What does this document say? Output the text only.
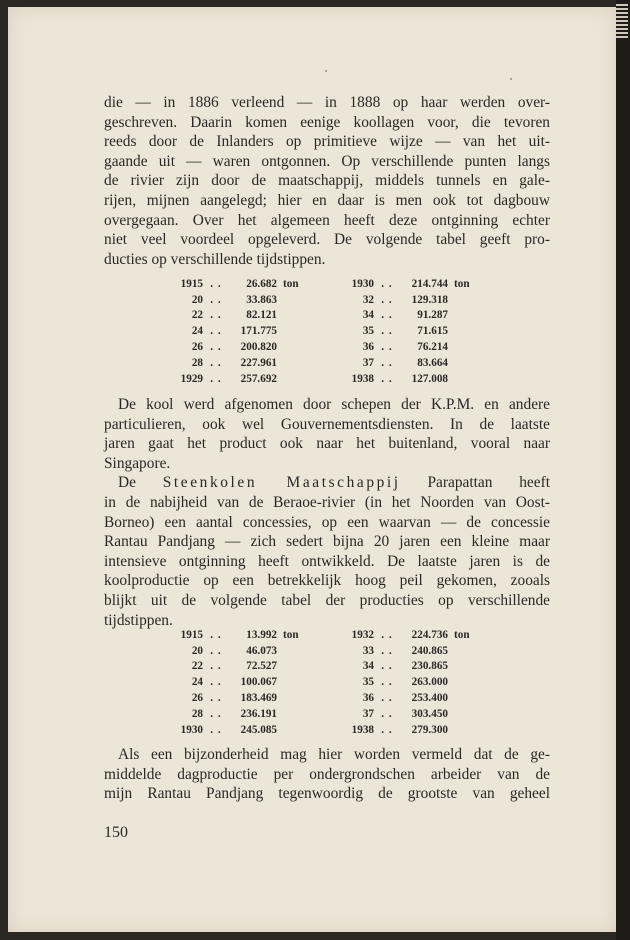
die — in 1886 verleend — in 1888 op haar werden over-

geschreven. Daarin komen eenige koollagen voor, die tevoren

reeds door de Inlanders op primitieve wijze — van het uit-

gaande uit — waren ontgonnen. Op verschillende punten langs

de rivier zijn door de maatschappij, middels tunnels en gale-

rijen, mijnen aangelegd; hier en daar is men ook tot dagbouw

overgegaan. Over het algemeen heeft deze ontginning echter

niet veel voordeel opgeleverd. De volgende tabel geeft pro-

ducties op verschillende tijdstippen.

1915	. .	26.682	ton		1930	. .	214.744	ton
20	. .	33.863			32	. .	129.318	
22	. .	82.121			34	. .	91.287	
24	. .	171.775			35	. .	71.615	
26	. .	200.820			36	. .	76.214	
28	. .	227.961			37	. .	83.664	
1929	. .	257.692			1938	. .	127.008	

De kool werd afgenomen door schepen der K.P.M. en andere

particulieren, ook wel Gouvernementsdiensten. In de laatste

jaren gaat het product ook naar het buitenland, vooral naar

Singapore.

De Steenkolen Maatschappij Parapattan heeft

in de nabijheid van de Beraoe-rivier (in het Noorden van Oost-

Borneo) een aantal concessies, op een waarvan — de concessie

Rantau Pandjang — zich sedert bijna 20 jaren een kleine maar

intensieve ontginning heeft ontwikkeld. De laatste jaren is de

koolproductie op een betrekkelijk hoog peil gekomen, zooals

blijkt uit de volgende tabel der producties op verschillende

tijdstippen.

1915	. .	13.992	ton		1932	. .	224.736	ton
20	. .	46.073			33	. .	240.865	
22	. .	72.527			34	. .	230.865	
24	. .	100.067			35	. .	263.000	
26	. .	183.469			36	. .	253.400	
28	. .	236.191			37	. .	303.450	
1930	. .	245.085			1938	. .	279.300	

Als een bijzonderheid mag hier worden vermeld dat de ge-

middelde dagproductie per ondergrondschen arbeider van de

mijn Rantau Pandjang tegenwoordig de grootste van geheel

150
